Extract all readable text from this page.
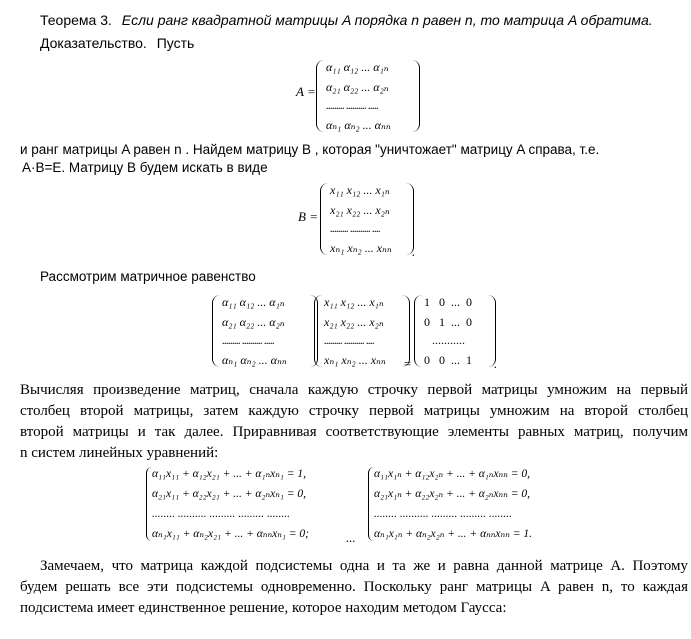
Теорема 3. Если ранг квадратной матрицы A порядка n равен n, то матрица A обратима.
Доказательство. Пусть
A =
α₁₁ α₁₂ ... α₁ₙ
α₂₁ α₂₂ ... α₂ₙ
......... .......... .....
αₙ₁ αₙ₂ ... αₙₙ
и ранг матрицы A равен n . Найдем матрицу B , которая "уничтожает" матрицу A справа, т.е.
A·B=E. Матрицу B будем искать в виде
B =
x₁₁ x₁₂ ... x₁ₙ
x₂₁ x₂₂ ... x₂ₙ
......... .......... ....
xₙ₁ xₙ₂ ... xₙₙ .
Рассмотрим матричное равенство
α₁₁ α₁₂ ... α₁ₙ
α₂₁ α₂₂ ... α₂ₙ
......... .......... .....
αₙ₁ αₙ₂ ... αₙₙ
x₁₁ x₁₂ ... x₁ₙ
x₂₁ x₂₂ ... x₂ₙ
......... .......... ....
xₙ₁ xₙ₂ ... xₙₙ =
1   0  ...  0
0   1  ...  0
...........
0   0  ...  1 .
Вычисляя произведение матриц, сначала каждую строчку первой матрицы умножим на первый
столбец второй матрицы, затем каждую строчку первой матрицы умножим на второй столбец
второй матрицы и так далее. Приравнивая соответствующие элементы равных матриц, получим
n систем линейных уравнений:
α₁₁x₁₁ + α₁₂x₂₁ + ... + α₁ₙxₙ₁ = 1,
α₂₁x₁₁ + α₂₂x₂₁ + ... + α₂ₙxₙ₁ = 0,
........ .......... ......... ......... ........
αₙ₁x₁₁ + αₙ₂x₂₁ + ... + αₙₙxₙ₁ = 0;	...
α₁₁x₁ₙ + α₁₂x₂ₙ + ... + α₁ₙxₙₙ = 0,
α₂₁x₁ₙ + α₂₂x₂ₙ + ... + α₂ₙxₙₙ = 0,
........ .......... ......... ......... ........
αₙ₁x₁ₙ + αₙ₂x₂ₙ + ... + αₙₙxₙₙ = 1.
Замечаем, что матрица каждой подсистемы одна и та же и равна данной матрице A. Поэтому
будем решать все эти подсистемы одновременно. Поскольку ранг матрицы A равен n, то каждая
подсистема имеет единственное решение, которое находим методом Гаусса:
